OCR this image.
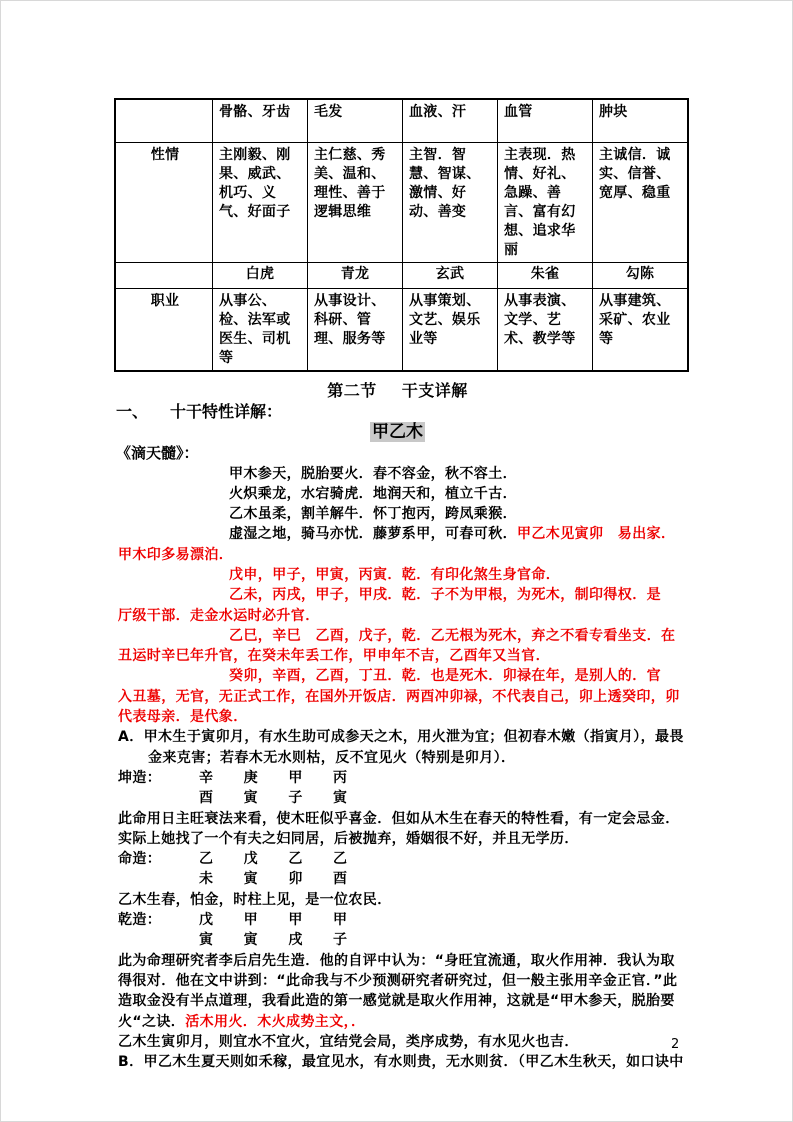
	骨骼、牙齿	毛发	血液、汗	血管	肿块
性情	主刚毅、刚果、威武、机巧、义气、好面子	主仁慈、秀美、温和、理性、善于逻辑思维	主智．智慧、智谋、激情、好动、善变	主表现．热情、好礼、急躁、善言、富有幻想、追求华丽	主诚信．诚实、信誉、宽厚、稳重
	白虎	青龙	玄武	朱雀	勾陈
职业	从事公、检、法军或医生、司机等	从事设计、科研、管理、服务等	从事策划、文艺、娱乐业等	从事表演、文学、艺术、教学等	从事建筑、采矿、农业等
第二节 干支详解
一、 十干特性详解：
甲乙木
《滴天髓》：
甲木参天，脱胎要火．春不容金，秋不容土．
火炽乘龙，水宕骑虎．地润天和，植立千古．
乙木虽柔，割羊解牛．怀丁抱丙，跨凤乘猴．
虚湿之地，骑马亦忧．藤萝系甲，可春可秋．甲乙木见寅卯　易出家．
甲木印多易漂泊．
戊申，甲子，甲寅，丙寅．乾．有印化煞生身官命．
乙未，丙戌，甲子，甲戌．乾．子不为甲根，为死木，制印得权．是
厅级干部．走金水运时必升官．
乙巳，辛巳　乙酉，戊子，乾．乙无根为死木，弃之不看专看坐支．在
丑运时辛巳年升官，在癸未年丢工作，甲申年不吉，乙酉年又当官．
癸卯，辛酉，乙酉，丁丑．乾．也是死木．卯禄在年，是别人的．官
入丑墓，无官，无正式工作，在国外开饭店．两酉冲卯禄，不代表自己，卯上透癸印，卯
代表母亲．是代象．
A．甲木生于寅卯月，有水生助可成参天之木，用火泄为宜；但初春木嫩（指寅月），最畏
金来克害；若春木无水则枯，反不宜见火（特别是卯月）．
坤造：	辛 庚 甲 丙
酉 寅 子 寅
此命用日主旺衰法来看，使木旺似乎喜金．但如从木生在春天的特性看，有一定会忌金．
实际上她找了一个有夫之妇同居，后被抛弃，婚姻很不好，并且无学历．
命造：	乙 戊 乙 乙
未 寅 卯 酉
乙木生春，怕金，时柱上见，是一位农民．
乾造：	戊 甲 甲 甲
寅 寅 戌 子
此为命理研究者李后启先生造．他的自评中认为：“身旺宜流通，取火作用神．我认为取
得很对．他在文中讲到：“此命我与不少预测研究者研究过，但一般主张用辛金正官．”此
造取金没有半点道理，我看此造的第一感觉就是取火作用神，这就是“甲木参天，脱胎要
火“之诀．活木用火．木火成势主文，．
乙木生寅卯月，则宜水不宜火，宜结党会局，类序成势，有水见火也吉．
B．甲乙木生夏天则如禾稼，最宜见水，有水则贵，无水则贫．（甲乙木生秋天，如口诀中
2
